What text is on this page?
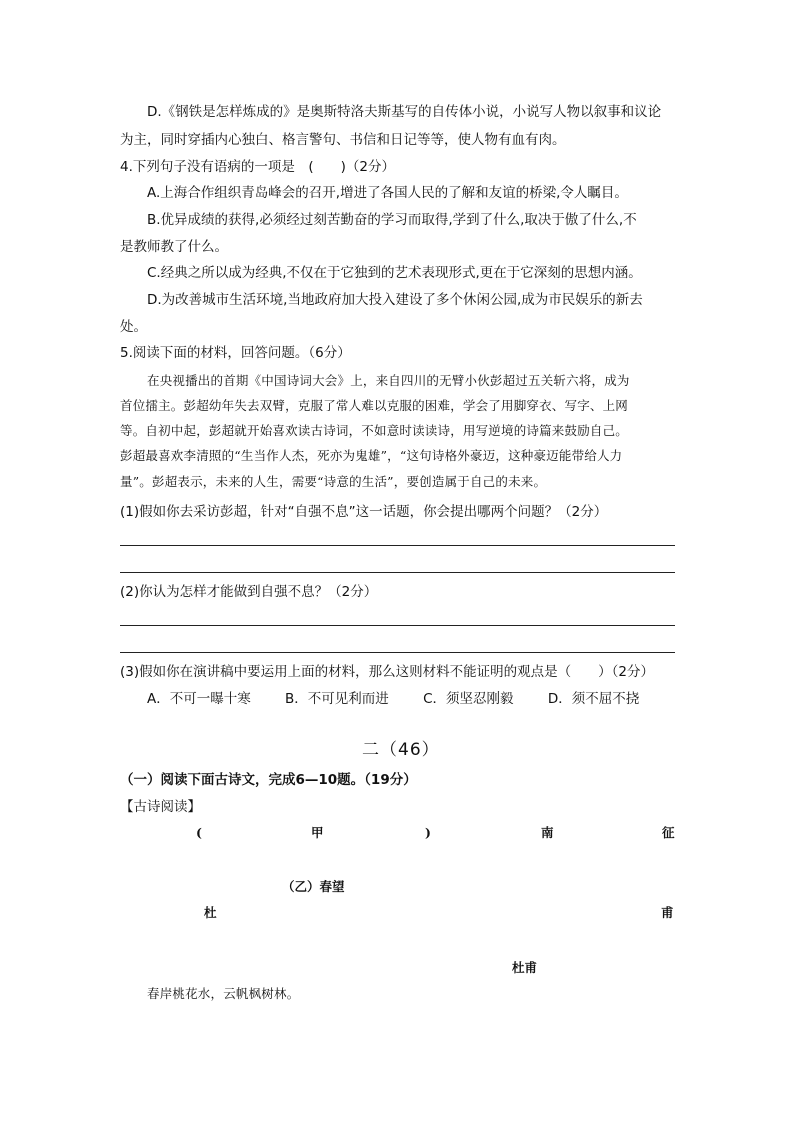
D.《钢铁是怎样炼成的》是奥斯特洛夫斯基写的自传体小说，小说写人物以叙事和议论
为主，同时穿插内心独白、格言警句、书信和日记等等，使人物有血有肉。
4.下列句子没有语病的一项是　(　　)（2分）
A.上海合作组织青岛峰会的召开,增进了各国人民的了解和友谊的桥梁,令人瞩目。
B.优异成绩的获得,必须经过刻苦勤奋的学习而取得,学到了什么,取决于傲了什么,不
是教师教了什么。
C.经典之所以成为经典,不仅在于它独到的艺术表现形式,更在于它深刻的思想内涵。
D.为改善城市生活环境,当地政府加大投入建设了多个休闲公园,成为市民娱乐的新去
处。
5.阅读下面的材料，回答问题。（6分）
在央视播出的首期《中国诗词大会》上，来自四川的无臂小伙彭超过五关斩六将，成为
首位擂主。彭超幼年失去双臂，克服了常人难以克服的困难，学会了用脚穿衣、写字、上网
等。自初中起，彭超就开始喜欢读古诗词，不如意时读读诗，用写逆境的诗篇来鼓励自己。
彭超最喜欢李清照的“生当作人杰，死亦为鬼雄”，“这句诗格外豪迈，这种豪迈能带给人力
量”。彭超表示，未来的人生，需要“诗意的生活”，要创造属于自己的未来。
(1)假如你去采访彭超，针对“自强不息”这一话题，你会提出哪两个问题？（2分）
(2)你认为怎样才能做到自强不息？（2分）
(3)假如你在演讲稿中要运用上面的材料，那么这则材料不能证明的观点是（　　）（2分）
A．不可一曝十寒	B．不可见利而进	C．须坚忍刚毅	D．须不屈不挠
二（46）
（一）阅读下面古诗文，完成6—10题。（19分）
【古诗阅读】
(	甲	)	南	征
（乙）春望
杜	甫
杜甫
春岸桃花水，云帆枫树林。
